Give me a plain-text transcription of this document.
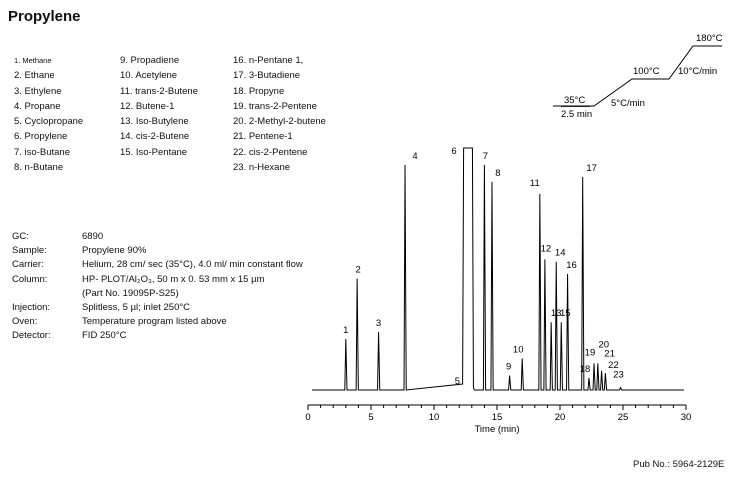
Propylene
1. Methane
2. Ethane
3. Ethylene
4. Propane
5. Cyclopropane
6. Propylene
7. iso-Butane
8. n-Butane
9. Propadiene
10. Acetylene
11. trans-2-Butene
12. Butene-1
13. Iso-Butylene
14. cis-2-Butene
15. Iso-Pentane
16. n-Pentane 1,
17. 3-Butadiene
18. Propyne
19. trans-2-Pentene
20. 2-Methyl-2-butene
21. Pentene-1
22. cis-2-Pentene
23. n-Hexane
GC:	6890
Sample:	Propylene 90%
Carrier:	Helium, 28 cm/ sec (35°C), 4.0 ml/ min constant flow
Column:	HP- PLOT/Al₂O₃, 50 m x 0. 53 mm x 15 µm
(Part No. 19095P-S25)
Injection:	Splitless, 5 µl; inlet 250°C
Oven:	Temperature program listed above
Detector:	FID 250°C
35°C
2.5 min
5°C/min
100°C 10°C/min
180°C
0	5	10	15	20	25	30
1
2
3
4
5
6	7
8
9
10
11
12
13
14
15
16
17
18
19
20
21
22
23
Time (min)
Pub No.: 5964-2129E
